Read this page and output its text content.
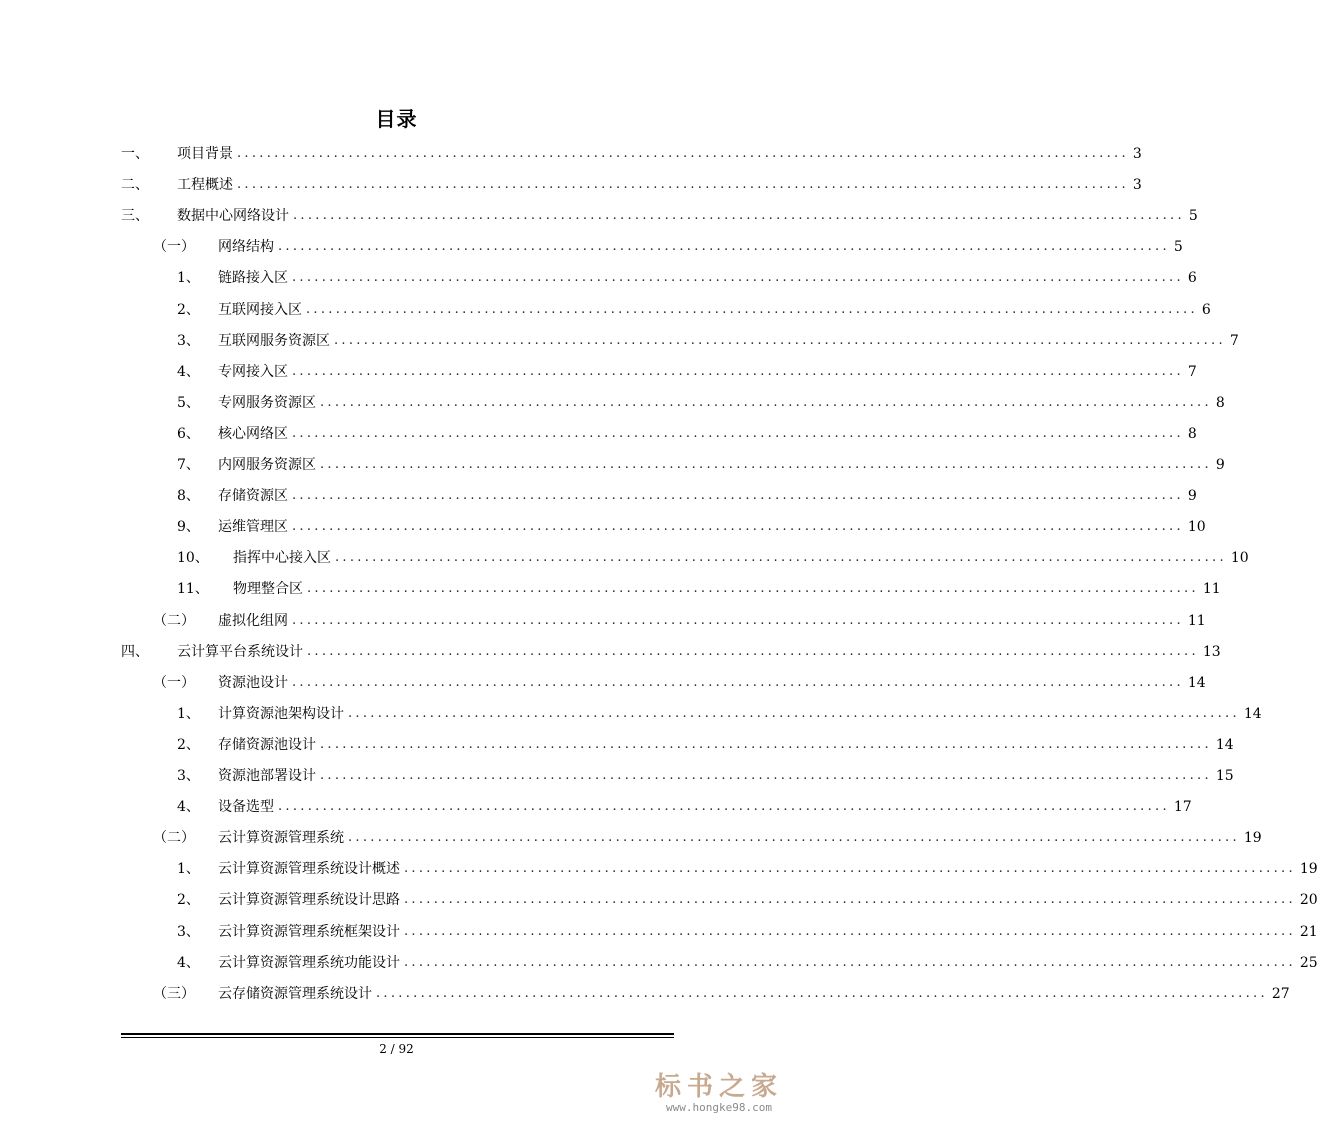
目录
一、 项目背景 ........................................................................................................................ 3
二、 工程概述 ........................................................................................................................ 3
三、 数据中心网络设计 ........................................................................................................................ 5
（一） 网络结构 ........................................................................................................................ 5
1、 链路接入区 ........................................................................................................................ 6
2、 互联网接入区 ........................................................................................................................ 6
3、 互联网服务资源区 ........................................................................................................................ 7
4、 专网接入区 ........................................................................................................................ 7
5、 专网服务资源区 ........................................................................................................................ 8
6、 核心网络区 ........................................................................................................................ 8
7、 内网服务资源区 ........................................................................................................................ 9
8、 存储资源区 ........................................................................................................................ 9
9、 运维管理区 ........................................................................................................................ 10
10、 指挥中心接入区 ........................................................................................................................ 10
11、 物理整合区 ........................................................................................................................ 11
（二） 虚拟化组网 ........................................................................................................................ 11
四、 云计算平台系统设计 ........................................................................................................................ 13
（一） 资源池设计 ........................................................................................................................ 14
1、 计算资源池架构设计 ........................................................................................................................ 14
2、 存储资源池设计 ........................................................................................................................ 14
3、 资源池部署设计 ........................................................................................................................ 15
4、 设备选型 ........................................................................................................................ 17
（二） 云计算资源管理系统 ........................................................................................................................ 19
1、 云计算资源管理系统设计概述 ........................................................................................................................ 19
2、 云计算资源管理系统设计思路 ........................................................................................................................ 20
3、 云计算资源管理系统框架设计 ........................................................................................................................ 21
4、 云计算资源管理系统功能设计 ........................................................................................................................ 25
（三） 云存储资源管理系统设计 ........................................................................................................................ 27
2 / 92
标书之家
www.hongke98.com
